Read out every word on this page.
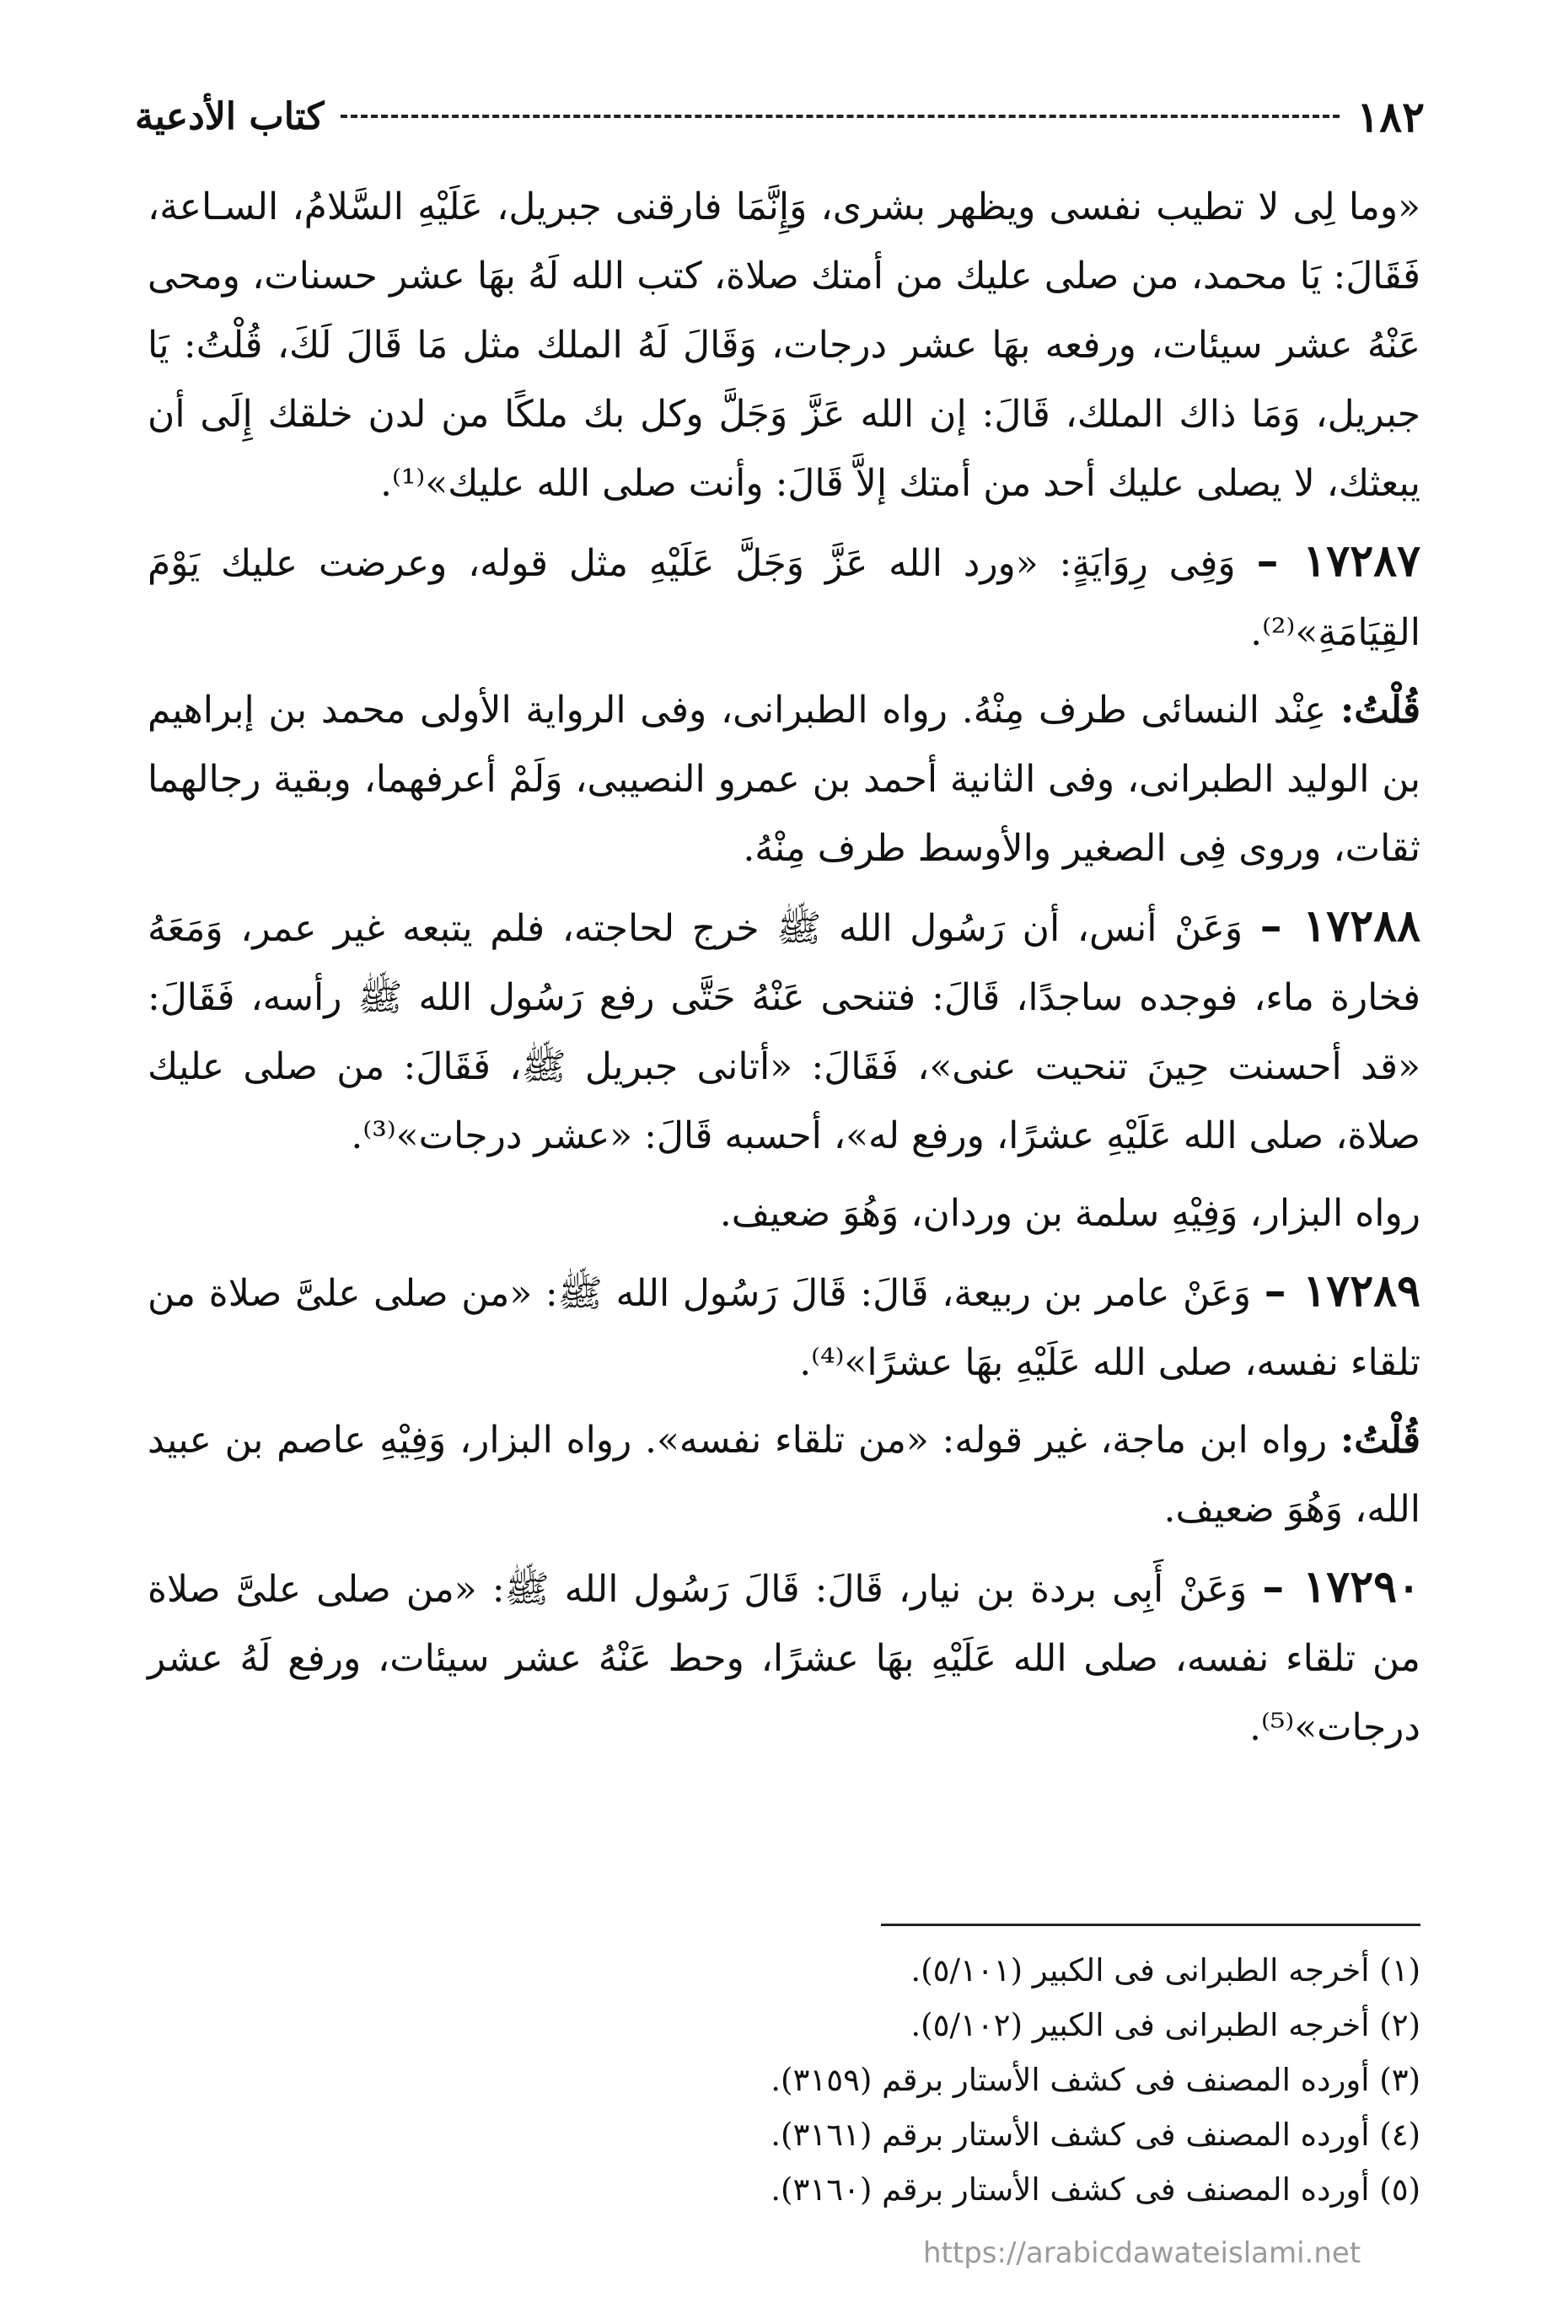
١٨٢
كتاب الأدعية

«وما لِى لا تطيب نفسى ويظهر بشرى، وَإِنَّمَا فارقنى جبريل، عَلَيْهِ السَّلامُ، السـاعة، فَقَالَ: يَا محمد، من صلى عليك من أمتك صلاة، كتب الله لَهُ بهَا عشر حسنات، ومحى عَنْهُ عشر سيئات، ورفعه بهَا عشر درجات، وَقَالَ لَهُ الملك مثل مَا قَالَ لَكَ، قُلْتُ: يَا جبريل، وَمَا ذاك الملك، قَالَ: إن الله عَزَّ وَجَلَّ وكل بك ملكًا من لدن خلقك إِلَى أن يبعثك، لا يصلى عليك أحد من أمتك إلاَّ قَالَ: وأنت صلى الله عليك»⁽¹⁾.

١٧٢٨٧ – وَفِى رِوَايَةٍ: «ورد الله عَزَّ وَجَلَّ عَلَيْهِ مثل قوله، وعرضت عليك يَوْمَ القِيَامَةِ»⁽²⁾.

قُلْتُ: عِنْد النسائى طرف مِنْهُ. رواه الطبرانى، وفى الرواية الأولى محمد بن إبراهيم بن الوليد الطبرانى، وفى الثانية أحمد بن عمرو النصيبى، وَلَمْ أعرفهما، وبقية رجالهما ثقات، وروى فِى الصغير والأوسط طرف مِنْهُ.

١٧٢٨٨ – وَعَنْ أنس، أن رَسُول الله ﷺ خرج لحاجته، فلم يتبعه غير عمر، وَمَعَهُ فخارة ماء، فوجده ساجدًا، قَالَ: فتنحى عَنْهُ حَتَّى رفع رَسُول الله ﷺ رأسه، فَقَالَ: «قد أحسنت حِينَ تنحيت عنى»، فَقَالَ: «أتانى جبريل ﷺ، فَقَالَ: من صلى عليك صلاة، صلى الله عَلَيْهِ عشرًا، ورفع له»، أحسبه قَالَ: «عشر درجات»⁽³⁾.

رواه البزار، وَفِيْهِ سلمة بن وردان، وَهُوَ ضعيف.

١٧٢٨٩ – وَعَنْ عامر بن ربيعة، قَالَ: قَالَ رَسُول الله ﷺ: «من صلى علىَّ صلاة من تلقاء نفسه، صلى الله عَلَيْهِ بهَا عشرًا»⁽⁴⁾.

قُلْتُ: رواه ابن ماجة، غير قوله: «من تلقاء نفسه». رواه البزار، وَفِيْهِ عاصم بن عبيد الله، وَهُوَ ضعيف.

١٧٢٩٠ – وَعَنْ أَبِى بردة بن نيار، قَالَ: قَالَ رَسُول الله ﷺ: «من صلى علىَّ صلاة من تلقاء نفسه، صلى الله عَلَيْهِ بهَا عشرًا، وحط عَنْهُ عشر سيئات، ورفع لَهُ عشر درجات»⁽⁵⁾.

(١) أخرجه الطبرانى فى الكبير (٥/١٠١).

(٢) أخرجه الطبرانى فى الكبير (٥/١٠٢).

(٣) أورده المصنف فى كشف الأستار برقم (٣١٥٩).

(٤) أورده المصنف فى كشف الأستار برقم (٣١٦١).

(٥) أورده المصنف فى كشف الأستار برقم (٣١٦٠).

https://arabicdawateislami.net
